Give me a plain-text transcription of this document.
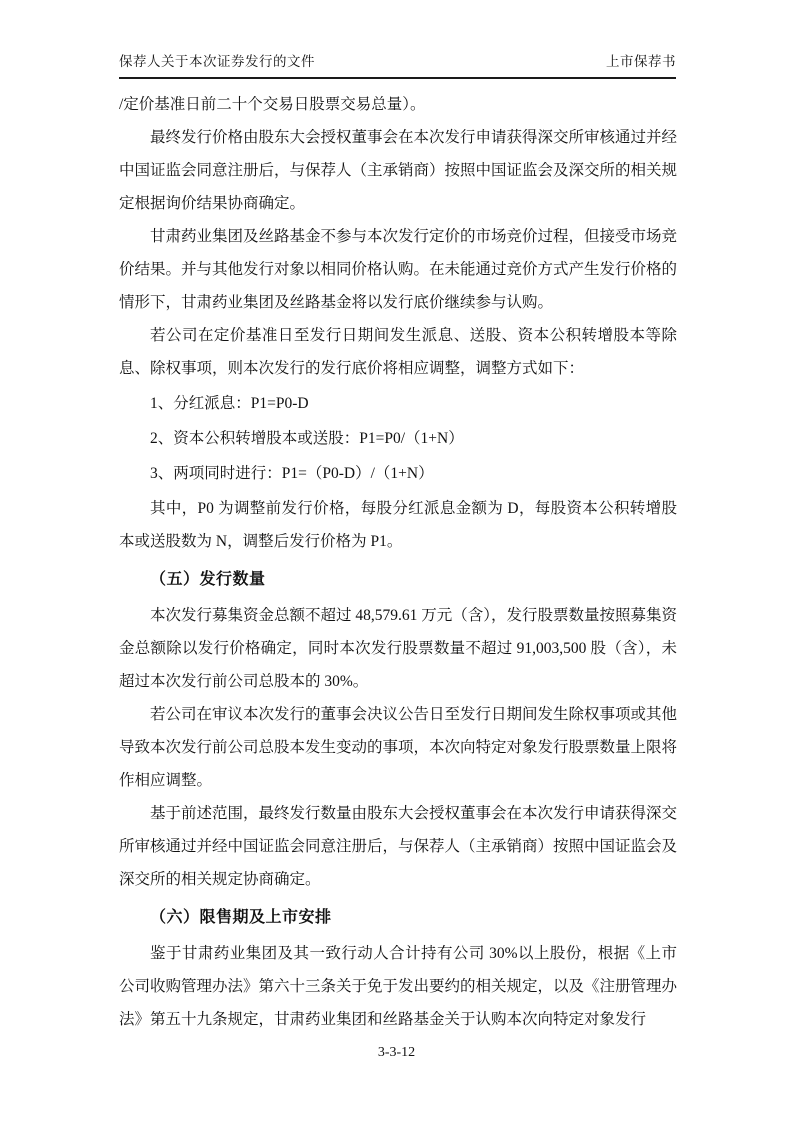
保荐人关于本次证券发行的文件	上市保荐书

/定价基准日前二十个交易日股票交易总量）。

最终发行价格由股东大会授权董事会在本次发行申请获得深交所审核通过并经中国证监会同意注册后，与保荐人（主承销商）按照中国证监会及深交所的相关规定根据询价结果协商确定。

甘肃药业集团及丝路基金不参与本次发行定价的市场竞价过程，但接受市场竞价结果。并与其他发行对象以相同价格认购。在未能通过竞价方式产生发行价格的情形下，甘肃药业集团及丝路基金将以发行底价继续参与认购。

若公司在定价基准日至发行日期间发生派息、送股、资本公积转增股本等除息、除权事项，则本次发行的发行底价将相应调整，调整方式如下：

1、分红派息：P1=P0-D

2、资本公积转增股本或送股：P1=P0/（1+N）

3、两项同时进行：P1=（P0-D）/（1+N）

其中，P0 为调整前发行价格，每股分红派息金额为 D，每股资本公积转增股本或送股数为 N，调整后发行价格为 P1。

（五）发行数量

本次发行募集资金总额不超过 48,579.61 万元（含），发行股票数量按照募集资金总额除以发行价格确定，同时本次发行股票数量不超过 91,003,500 股（含），未超过本次发行前公司总股本的 30%。

若公司在审议本次发行的董事会决议公告日至发行日期间发生除权事项或其他导致本次发行前公司总股本发生变动的事项，本次向特定对象发行股票数量上限将作相应调整。

基于前述范围，最终发行数量由股东大会授权董事会在本次发行申请获得深交所审核通过并经中国证监会同意注册后，与保荐人（主承销商）按照中国证监会及深交所的相关规定协商确定。

（六）限售期及上市安排

鉴于甘肃药业集团及其一致行动人合计持有公司 30%以上股份，根据《上市公司收购管理办法》第六十三条关于免于发出要约的相关规定，以及《注册管理办法》第五十九条规定，甘肃药业集团和丝路基金关于认购本次向特定对象发行

3-3-12
